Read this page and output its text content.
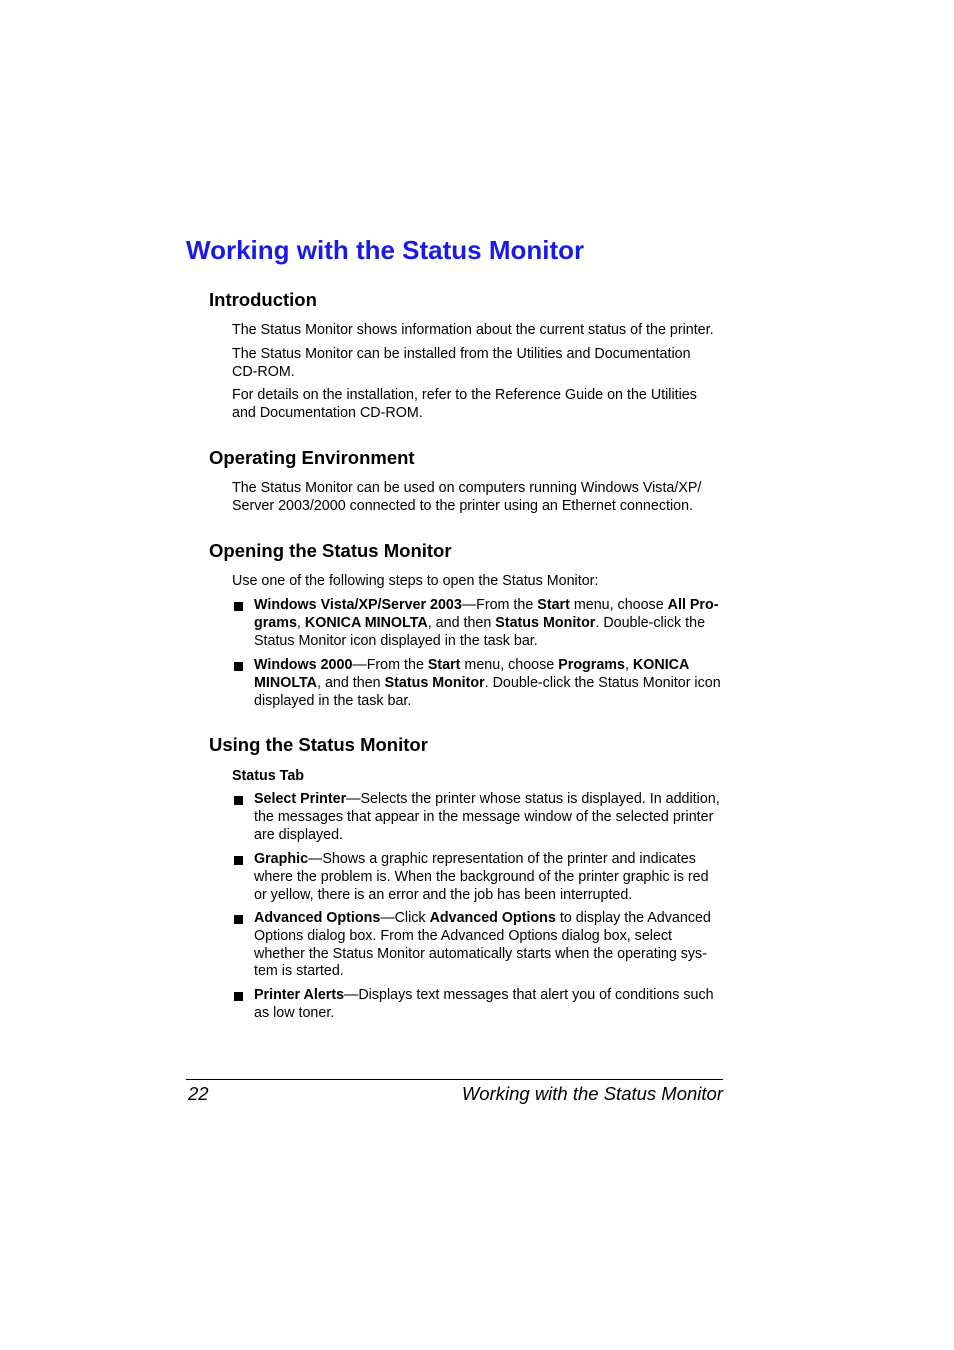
Working with the Status Monitor
Introduction

The Status Monitor shows information about the current status of the printer.

The Status Monitor can be installed from the Utilities and Documentation
CD-ROM.

For details on the installation, refer to the Reference Guide on the Utilities
and Documentation CD-ROM.

Operating Environment

The Status Monitor can be used on computers running Windows Vista/XP/
Server 2003/2000 connected to the printer using an Ethernet connection.

Opening the Status Monitor

Use one of the following steps to open the Status Monitor:

Windows Vista/XP/Server 2003—From the Start menu, choose All Pro-
grams, KONICA MINOLTA, and then Status Monitor. Double-click the
Status Monitor icon displayed in the task bar.
Windows 2000—From the Start menu, choose Programs, KONICA
MINOLTA, and then Status Monitor. Double-click the Status Monitor icon
displayed in the task bar.
Using the Status Monitor

Status Tab

Select Printer—Selects the printer whose status is displayed. In addition,
the messages that appear in the message window of the selected printer
are displayed.
Graphic—Shows a graphic representation of the printer and indicates
where the problem is. When the background of the printer graphic is red
or yellow, there is an error and the job has been interrupted.
Advanced Options—Click Advanced Options to display the Advanced
Options dialog box. From the Advanced Options dialog box, select
whether the Status Monitor automatically starts when the operating sys-
tem is started.
Printer Alerts—Displays text messages that alert you of conditions such
as low toner.
22	Working with the Status Monitor
